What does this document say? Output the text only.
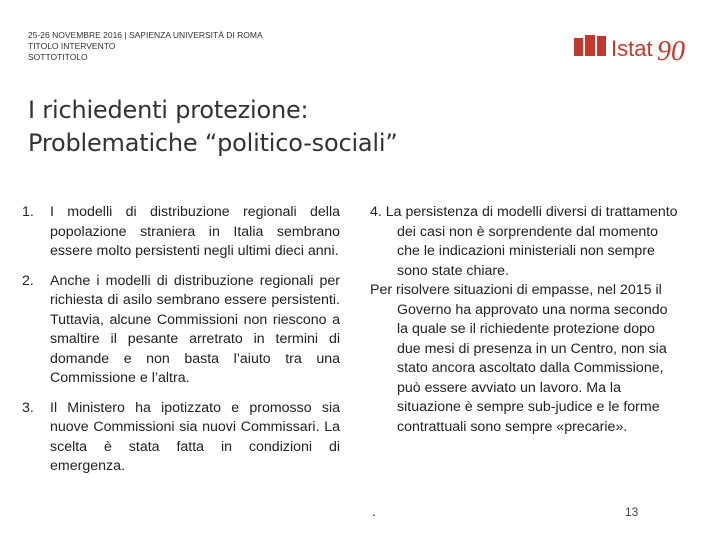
25-26 NOVEMBRE 2016 | SAPIENZA UNIVERSITÀ DI ROMA
TITOLO INTERVENTO
SOTTOTITOLO	Istat 90
I richiedenti protezione:
Problematiche “politico-sociali”
1. I modelli di distribuzione regionali della popolazione straniera in Italia sembrano essere molto persistenti negli ultimi dieci anni.
2. Anche i modelli di distribuzione regionali per richiesta di asilo sembrano essere persistenti. Tuttavia, alcune Commissioni non riescono a smaltire il pesante arretrato in termini di domande e non basta l’aiuto tra una Commissione e l’altra.
3. Il Ministero ha ipotizzato e promosso sia nuove Commissioni sia nuovi Commissari. La scelta è stata fatta in condizioni di emergenza.
4. La persistenza di modelli diversi di trattamento dei casi non è sorprendente dal momento che le indicazioni ministeriali non sempre sono state chiare.
Per risolvere situazioni di empasse, nel 2015 il Governo ha approvato una norma secondo la quale se il richiedente protezione dopo due mesi di presenza in un Centro, non sia stato ancora ascoltato dalla Commissione, può essere avviato un lavoro. Ma la situazione è sempre sub-judice e le forme contrattuali sono sempre «precarie».
.	13
